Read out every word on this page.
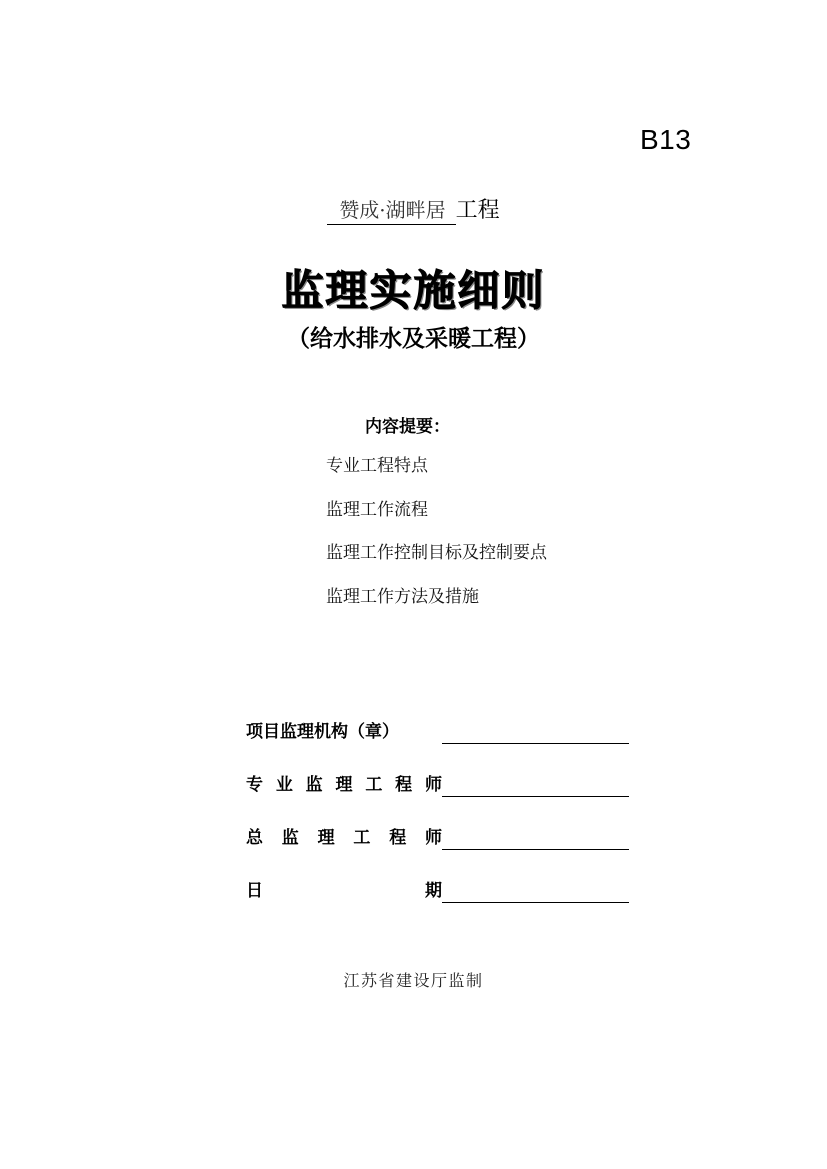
B13
赞成·湖畔居 工程
监理实施细则
（给水排水及采暖工程）
内容提要：
专业工程特点
监理工作流程
监理工作控制目标及控制要点
监理工作方法及措施
项目监理机构（章）
专 业 监 理 工 程 师
总 监 理 工 程 师
日	期
江苏省建设厅监制
